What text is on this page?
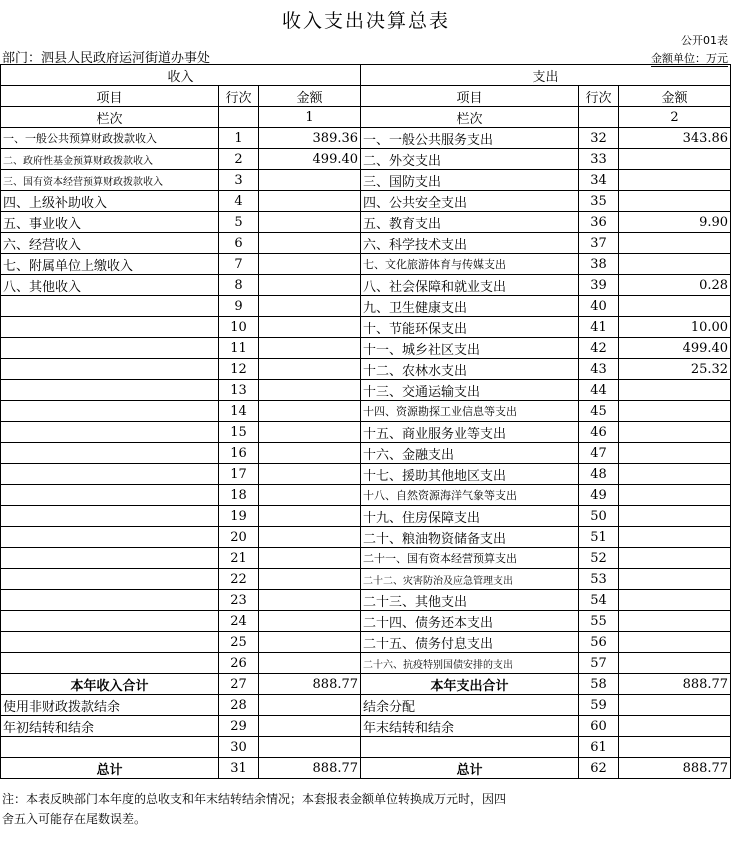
收入支出决算总表
公开01表
部门：泗县人民政府运河街道办事处	金额单位：万元
收入			支出		
项目	行次	金额	项目	行次	金额
栏次		1	栏次		2
一、一般公共预算财政拨款收入	1	389.36	一、一般公共服务支出	32	343.86
二、政府性基金预算财政拨款收入	2	499.40	二、外交支出	33	
三、国有资本经营预算财政拨款收入	3		三、国防支出	34	
四、上级补助收入	4		四、公共安全支出	35	
五、事业收入	5		五、教育支出	36	9.90
六、经营收入	6		六、科学技术支出	37	
七、附属单位上缴收入	7		七、文化旅游体育与传媒支出	38	
八、其他收入	8		八、社会保障和就业支出	39	0.28
	9		九、卫生健康支出	40	
	10		十、节能环保支出	41	10.00
	11		十一、城乡社区支出	42	499.40
	12		十二、农林水支出	43	25.32
	13		十三、交通运输支出	44	
	14		十四、资源勘探工业信息等支出	45	
	15		十五、商业服务业等支出	46	
	16		十六、金融支出	47	
	17		十七、援助其他地区支出	48	
	18		十八、自然资源海洋气象等支出	49	
	19		十九、住房保障支出	50	
	20		二十、粮油物资储备支出	51	
	21		二十一、国有资本经营预算支出	52	
	22		二十二、灾害防治及应急管理支出	53	
	23		二十三、其他支出	54	
	24		二十四、债务还本支出	55	
	25		二十五、债务付息支出	56	
	26		二十六、抗疫特别国债安排的支出	57	
本年收入合计	27	888.77	本年支出合计	58	888.77
使用非财政拨款结余	28		结余分配	59	
年初结转和结余	29		年末结转和结余	60	
	30			61	
总计	31	888.77	总计	62	888.77
注：本表反映部门本年度的总收支和年末结转结余情况；本套报表金额单位转换成万元时，因四
舍五入可能存在尾数误差。
